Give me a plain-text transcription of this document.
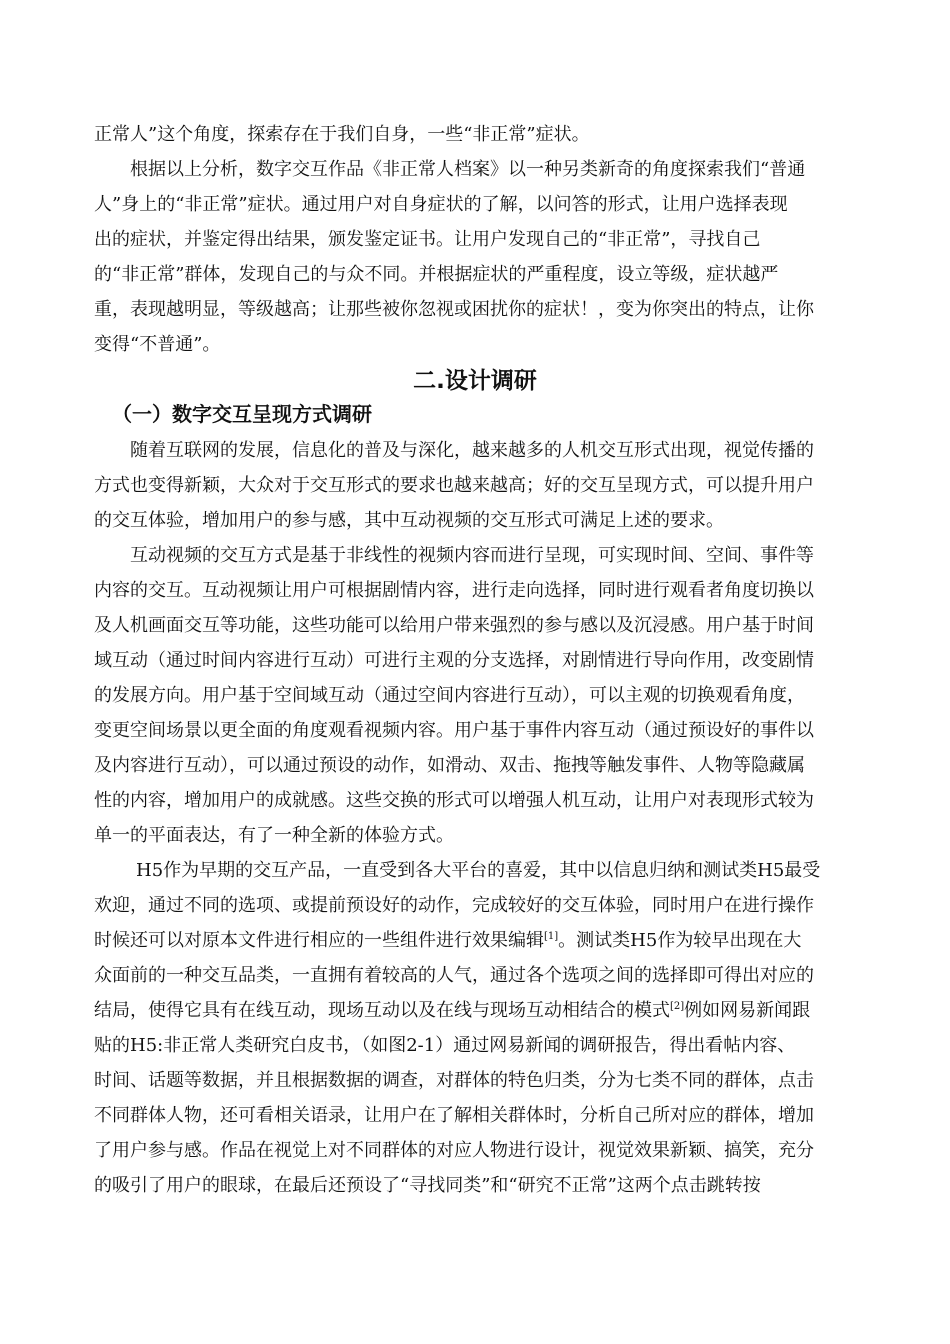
正常人”这个角度，探索存在于我们自身，一些“非正常”症状。
根据以上分析，数字交互作品《非正常人档案》以一种另类新奇的角度探索我们“普通
人”身上的“非正常”症状。通过用户对自身症状的了解，以问答的形式，让用户选择表现
出的症状，并鉴定得出结果，颁发鉴定证书。让用户发现自己的“非正常”，寻找自己
的“非正常”群体，发现自己的与众不同。并根据症状的严重程度，设立等级，症状越严
重，表现越明显，等级越高；让那些被你忽视或困扰你的症状！，变为你突出的特点，让你
变得“不普通”。
二.设计调研
（一）数字交互呈现方式调研
随着互联网的发展，信息化的普及与深化，越来越多的人机交互形式出现，视觉传播的
方式也变得新颖，大众对于交互形式的要求也越来越高；好的交互呈现方式，可以提升用户
的交互体验，增加用户的参与感，其中互动视频的交互形式可满足上述的要求。
互动视频的交互方式是基于非线性的视频内容而进行呈现，可实现时间、空间、事件等
内容的交互。互动视频让用户可根据剧情内容，进行走向选择，同时进行观看者角度切换以
及人机画面交互等功能，这些功能可以给用户带来强烈的参与感以及沉浸感。用户基于时间
域互动（通过时间内容进行互动）可进行主观的分支选择，对剧情进行导向作用，改变剧情
的发展方向。用户基于空间域互动（通过空间内容进行互动），可以主观的切换观看角度，
变更空间场景以更全面的角度观看视频内容。用户基于事件内容互动（通过预设好的事件以
及内容进行互动），可以通过预设的动作，如滑动、双击、拖拽等触发事件、人物等隐藏属
性的内容，增加用户的成就感。这些交换的形式可以增强人机互动，让用户对表现形式较为
单一的平面表达，有了一种全新的体验方式。
H5作为早期的交互产品，一直受到各大平台的喜爱，其中以信息归纳和测试类H5最受
欢迎，通过不同的选项、或提前预设好的动作，完成较好的交互体验，同时用户在进行操作
时候还可以对原本文件进行相应的一些组件进行效果编辑[1]。测试类H5作为较早出现在大
众面前的一种交互品类，一直拥有着较高的人气，通过各个选项之间的选择即可得出对应的
结局，使得它具有在线互动，现场互动以及在线与现场互动相结合的模式[2]例如网易新闻跟
贴的H5:非正常人类研究白皮书，（如图2-1）通过网易新闻的调研报告，得出看帖内容、
时间、话题等数据，并且根据数据的调查，对群体的特色归类，分为七类不同的群体，点击
不同群体人物，还可看相关语录，让用户在了解相关群体时，分析自己所对应的群体，增加
了用户参与感。作品在视觉上对不同群体的对应人物进行设计，视觉效果新颖、搞笑，充分
的吸引了用户的眼球，在最后还预设了“寻找同类”和“研究不正常”这两个点击跳转按
